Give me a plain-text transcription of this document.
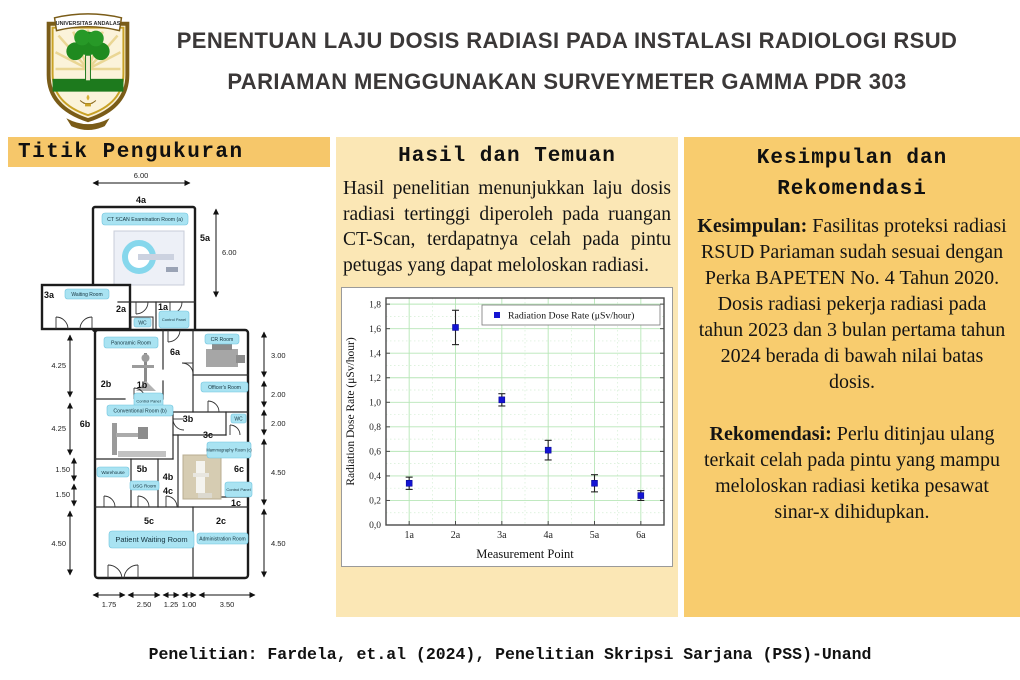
UNIVERSITAS ANDALAS
PENENTUAN LAJU DOSIS RADIASI PADA INSTALASI RADIOLOGI RSUD
PARIAMAN MENGGUNAKAN SURVEYMETER GAMMA PDR 303
Titik Pengukuran
CT SCAN Examination Room (a)
Waiting Room
WC
Control Panel
Panoramic Room
CR Room
Officer's Room
Control Panel
Conventional Room (b)
WC
Mammography Room (c)
Control Panel
Warehouse
USG Room
Patient Waiting Room Administration Room
4a
5a
3a
2a	1a
6a
2b	1b
3b
6b
3c
6c
5b
4b
4c
1c
5c	2c
6.00
6.00
4.25
4.25
1.50
1.50
4.50
3.00
2.00
2.00
4.50
4.50
1.75	2.50 1.25 1.00	3.50
Hasil dan Temuan

Hasil penelitian menunjukkan laju dosis radiasi tertinggi diperoleh pada ruangan CT-Scan, terdapatnya celah pada pintu petugas yang dapat meloloskan radiasi.

0,0
0,2
0,4
0,6
0,8
1,0
1,2
1,4
1,6
1,8
1a	2a	3a	4a	5a	6a
Radiation Dose Rate (μSv/hour)
Measurement Point
Radiation Dose Rate (μSv/hour)
Kesimpulan dan
Rekomendasi

Kesimpulan: Fasilitas proteksi radiasi RSUD Pariaman sudah sesuai dengan Perka BAPETEN No. 4 Tahun 2020. Dosis radiasi pekerja radiasi pada tahun 2023 dan 3 bulan pertama tahun 2024 berada di bawah nilai batas dosis.

Rekomendasi: Perlu ditinjau ulang terkait celah pada pintu yang mampu meloloskan radiasi ketika pesawat sinar-x dihidupkan.

Penelitian: Fardela, et.al (2024), Penelitian Skripsi Sarjana (PSS)-Unand
